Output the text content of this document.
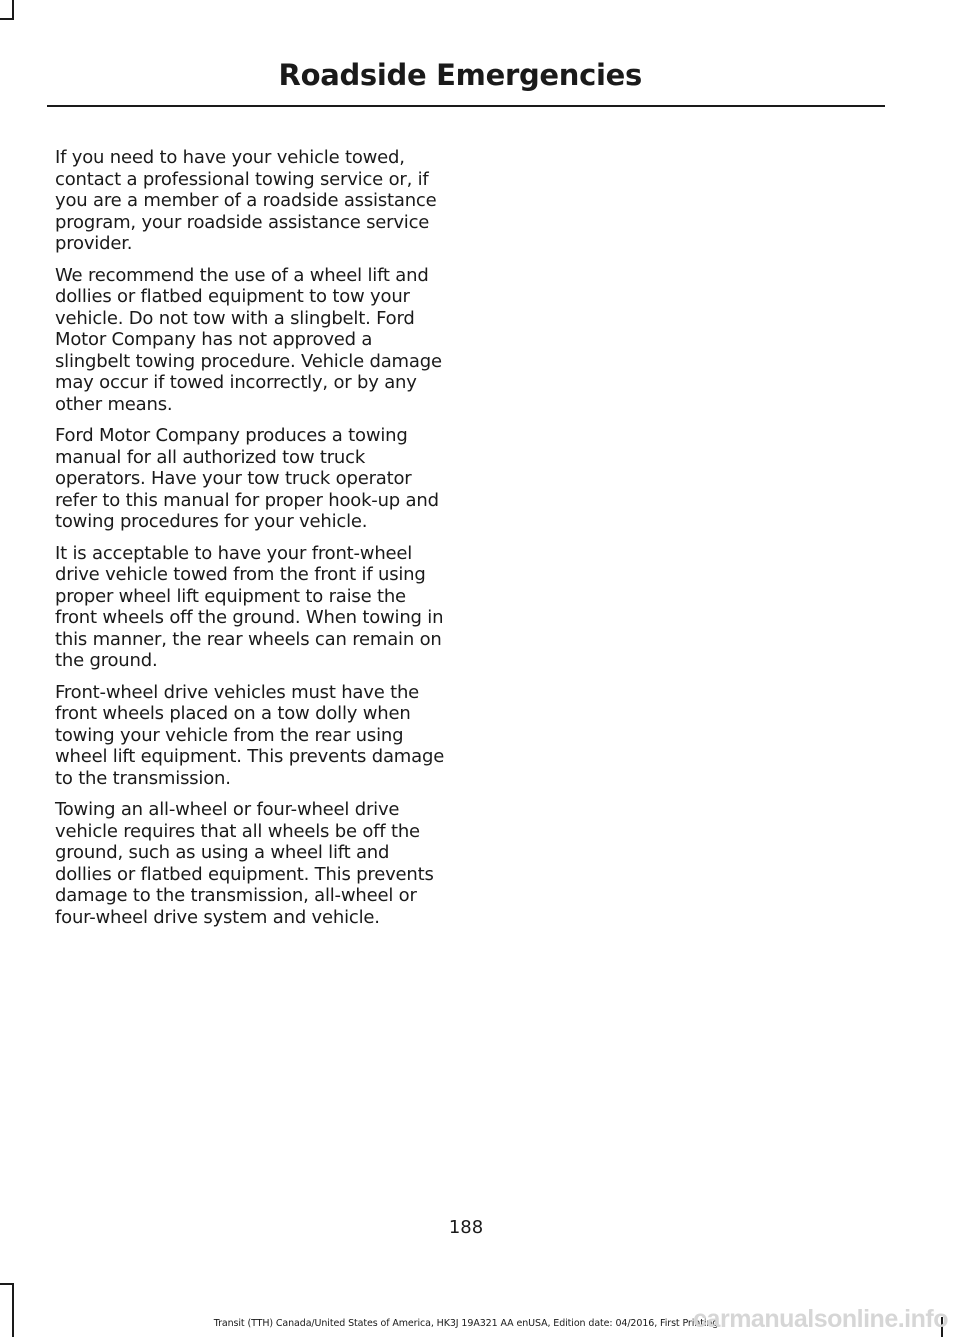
Roadside Emergencies

If you need to have your vehicle towed, contact a professional towing service or, if you are a member of a roadside assistance program, your roadside assistance service provider.

We recommend the use of a wheel lift and dollies or flatbed equipment to tow your vehicle. Do not tow with a slingbelt. Ford Motor Company has not approved a slingbelt towing procedure. Vehicle damage may occur if towed incorrectly, or by any other means.

Ford Motor Company produces a towing manual for all authorized tow truck operators. Have your tow truck operator refer to this manual for proper hook-up and towing procedures for your vehicle.

It is acceptable to have your front-wheel drive vehicle towed from the front if using proper wheel lift equipment to raise the front wheels off the ground. When towing in this manner, the rear wheels can remain on the ground.

Front-wheel drive vehicles must have the front wheels placed on a tow dolly when towing your vehicle from the rear using wheel lift equipment. This prevents damage to the transmission.

Towing an all-wheel or four-wheel drive vehicle requires that all wheels be off the ground, such as using a wheel lift and dollies or flatbed equipment. This prevents damage to the transmission, all-wheel or four-wheel drive system and vehicle.

188
Transit (TTH) Canada/United States of America, HK3J 19A321 AA enUSA, Edition date: 04/2016, First Printing
carmanualsonline.info
